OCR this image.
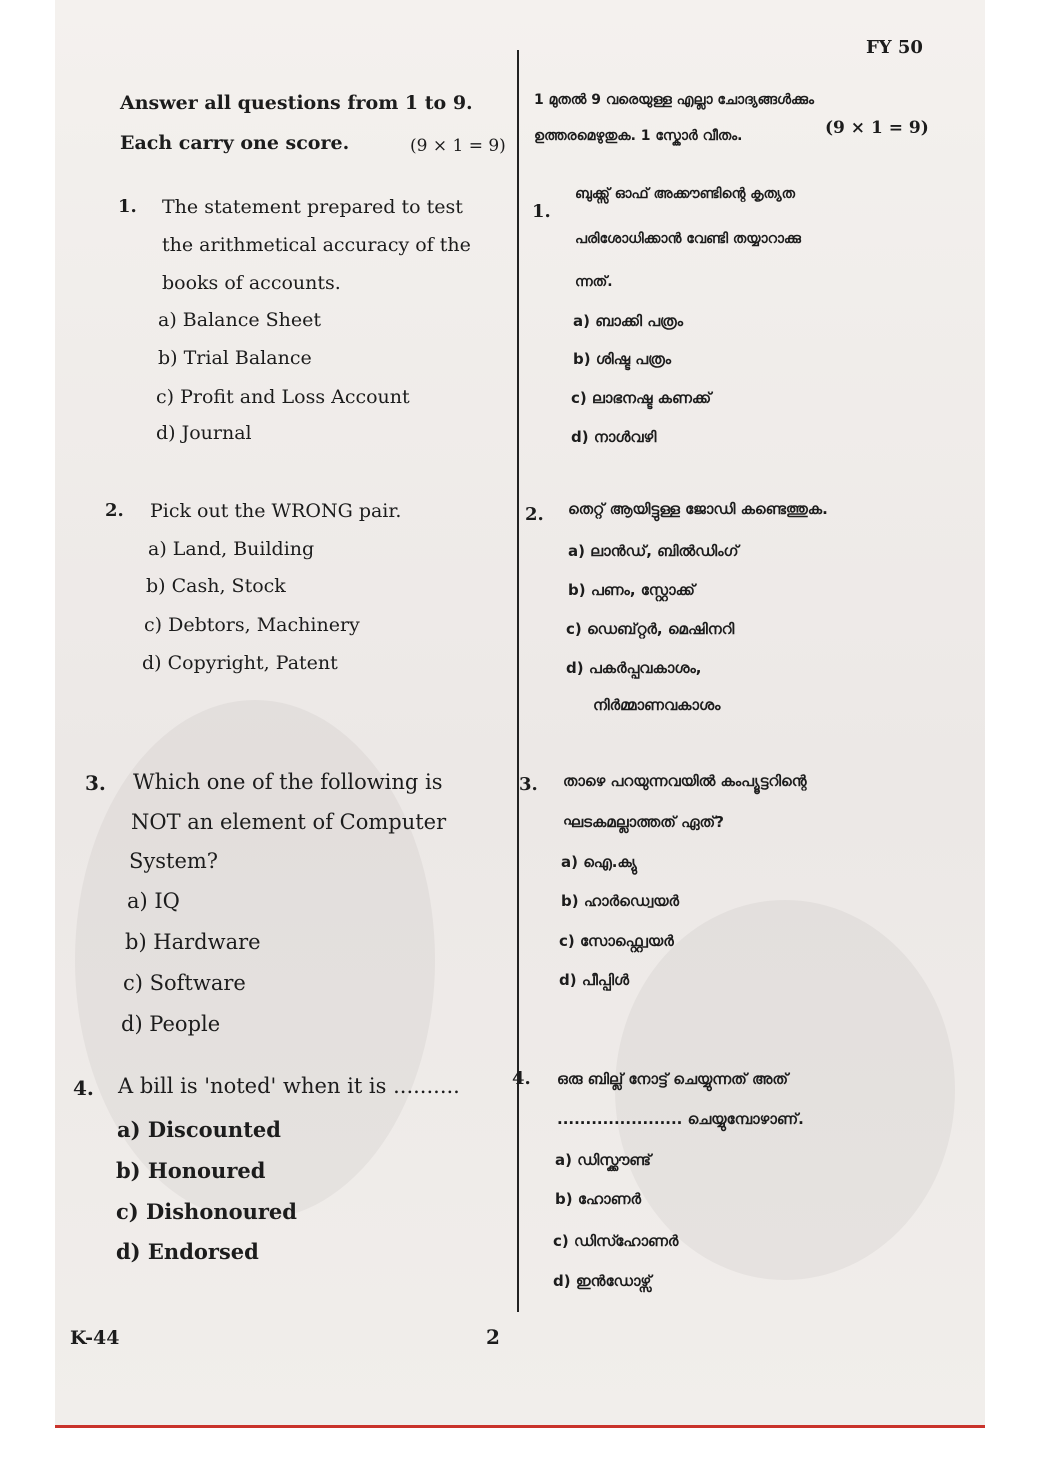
FY 50
Answer all questions from 1 to 9.
Each carry one score.	(9 × 1 = 9)
1 മുതൽ 9 വരെയുള്ള എല്ലാ ചോദ്യങ്ങൾക്കും
ഉത്തരമെഴുതുക. 1 സ്കോർ വീതം.	(9 × 1 = 9)
1. The statement prepared to test
the arithmetical accuracy of the
books of accounts.
a) Balance Sheet
b) Trial Balance
c) Profit and Loss Account
d) Journal
2. Pick out the WRONG pair.
a) Land, Building
b) Cash, Stock
c) Debtors, Machinery
d) Copyright, Patent
3. Which one of the following is
NOT an element of Computer
System?
a) IQ
b) Hardware
c) Software
d) People
4. A bill is 'noted' when it is ..........
a) Discounted
b) Honoured
c) Dishonoured
d) Endorsed
1.
ബുക്ക്സ് ഓഫ് അക്കൗണ്ടിന്റെ കൃത്യത
പരിശോധിക്കാൻ വേണ്ടി തയ്യാറാക്കു
ന്നത്.
a) ബാക്കി പത്രം
b) ശിഷ്ട പത്രം
c) ലാഭനഷ്ട കണക്ക്
d) നാൾവഴി
2. തെറ്റ് ആയിട്ടുള്ള ജോഡി കണ്ടെത്തുക.
a) ലാൻഡ്, ബിൽഡിംഗ്
b) പണം, സ്റ്റോക്ക്
c) ഡെബ്റ്റർ, മെഷിനറി
d) പകർപ്പവകാശം,
നിർമ്മാണവകാശം
3. താഴെ പറയുന്നവയിൽ കംപ്യൂട്ടറിന്റെ
ഘടകമല്ലാത്തത് ഏത്?
a) ഐ.ക്യു
b) ഹാർഡ്വെയർ
c) സോഫ്റ്റ്വെയർ
d) പീപ്പിൾ
4. ഒരു ബില്ല് നോട്ട് ചെയ്യുന്നത് അത്
...................... ചെയ്യുമ്പോഴാണ്.
a) ഡിസ്ക്കൗണ്ട്
b) ഹോണർ
c) ഡിസ്ഹോണർ
d) ഇൻഡോഴ്സ്
K-44	2
